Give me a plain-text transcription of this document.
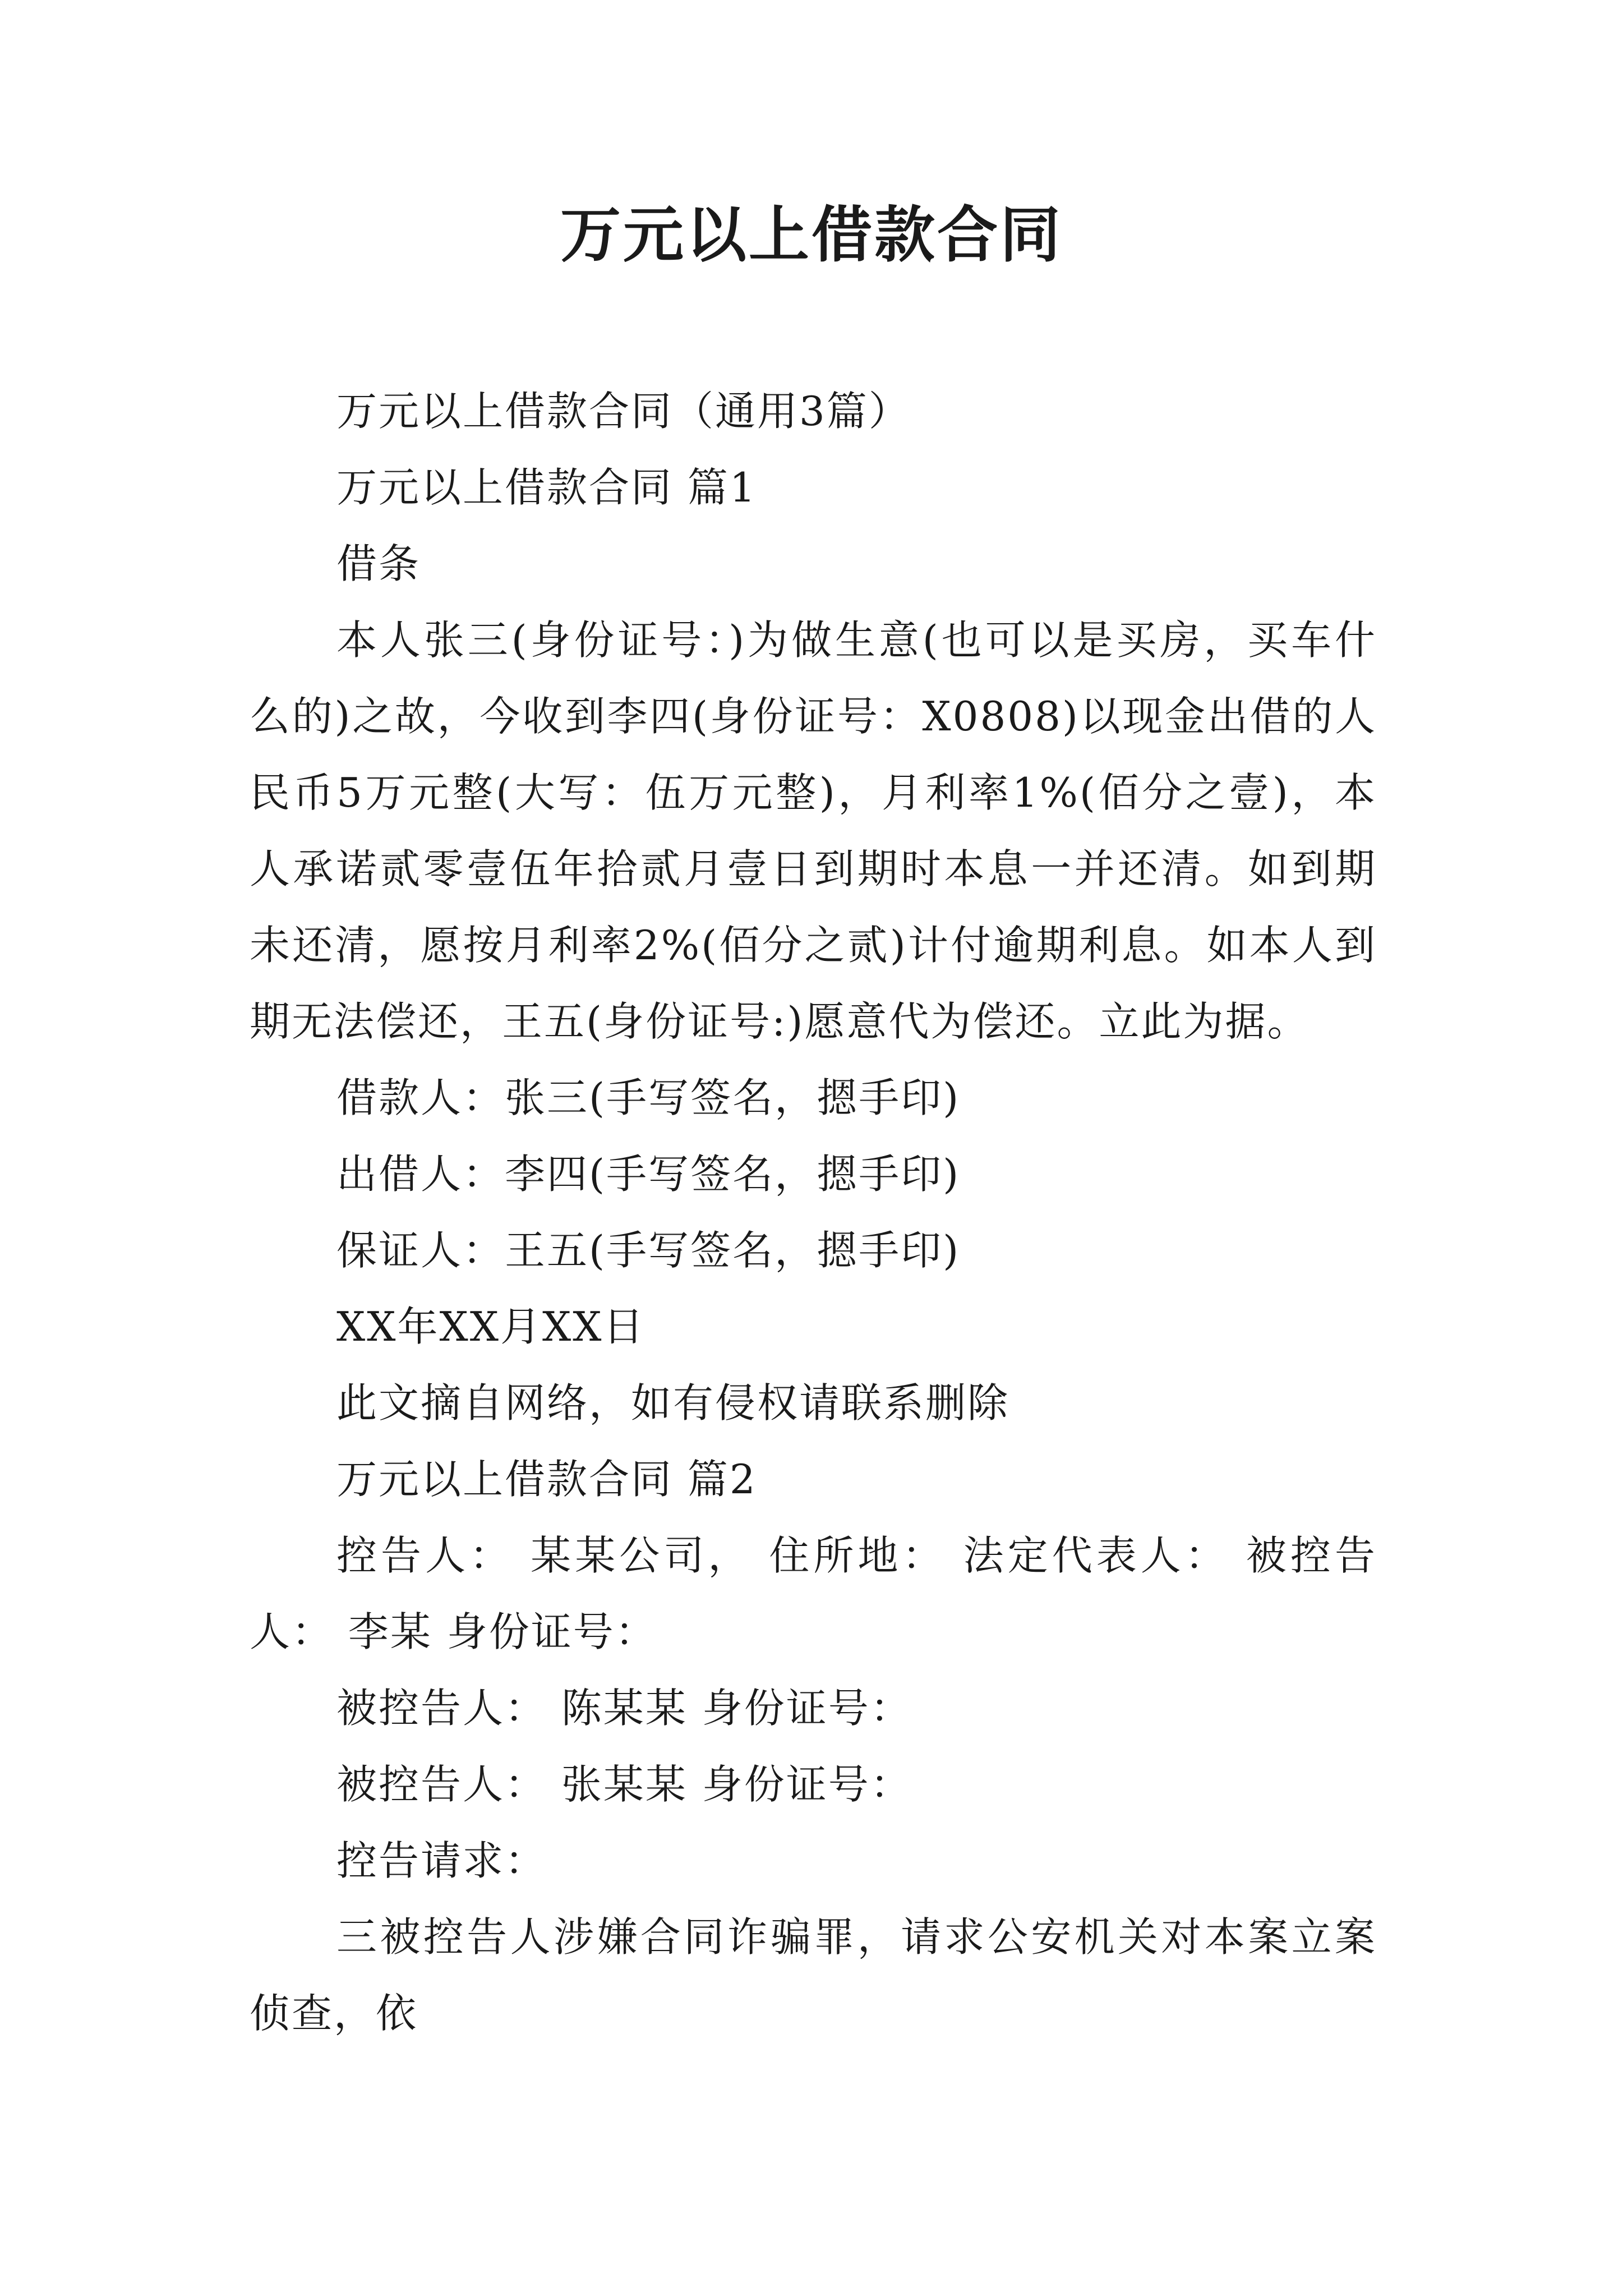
万元以上借款合同

万元以上借款合同（通用3篇）

万元以上借款合同 篇1

借条

本人张三(身份证号：)为做生意(也可以是买房，买车什么的)之故，今收到李四(身份证号：X0808)以现金出借的人民币5万元整(大写：伍万元整)，月利率1%(佰分之壹)，本人承诺贰零壹伍年拾贰月壹日到期时本息一并还清。如到期未还清，愿按月利率2%(佰分之贰)计付逾期利息。如本人到期无法偿还，王五(身份证号:)愿意代为偿还。立此为据。

借款人：张三(手写签名，摁手印)

出借人：李四(手写签名，摁手印)

保证人：王五(手写签名，摁手印)

XX年XX月XX日

此文摘自网络，如有侵权请联系删除

万元以上借款合同 篇2

控告人： 某某公司， 住所地： 法定代表人： 被控告人： 李某 身份证号：

被控告人： 陈某某 身份证号：

被控告人： 张某某 身份证号：

控告请求：

三被控告人涉嫌合同诈骗罪，请求公安机关对本案立案侦查，依
